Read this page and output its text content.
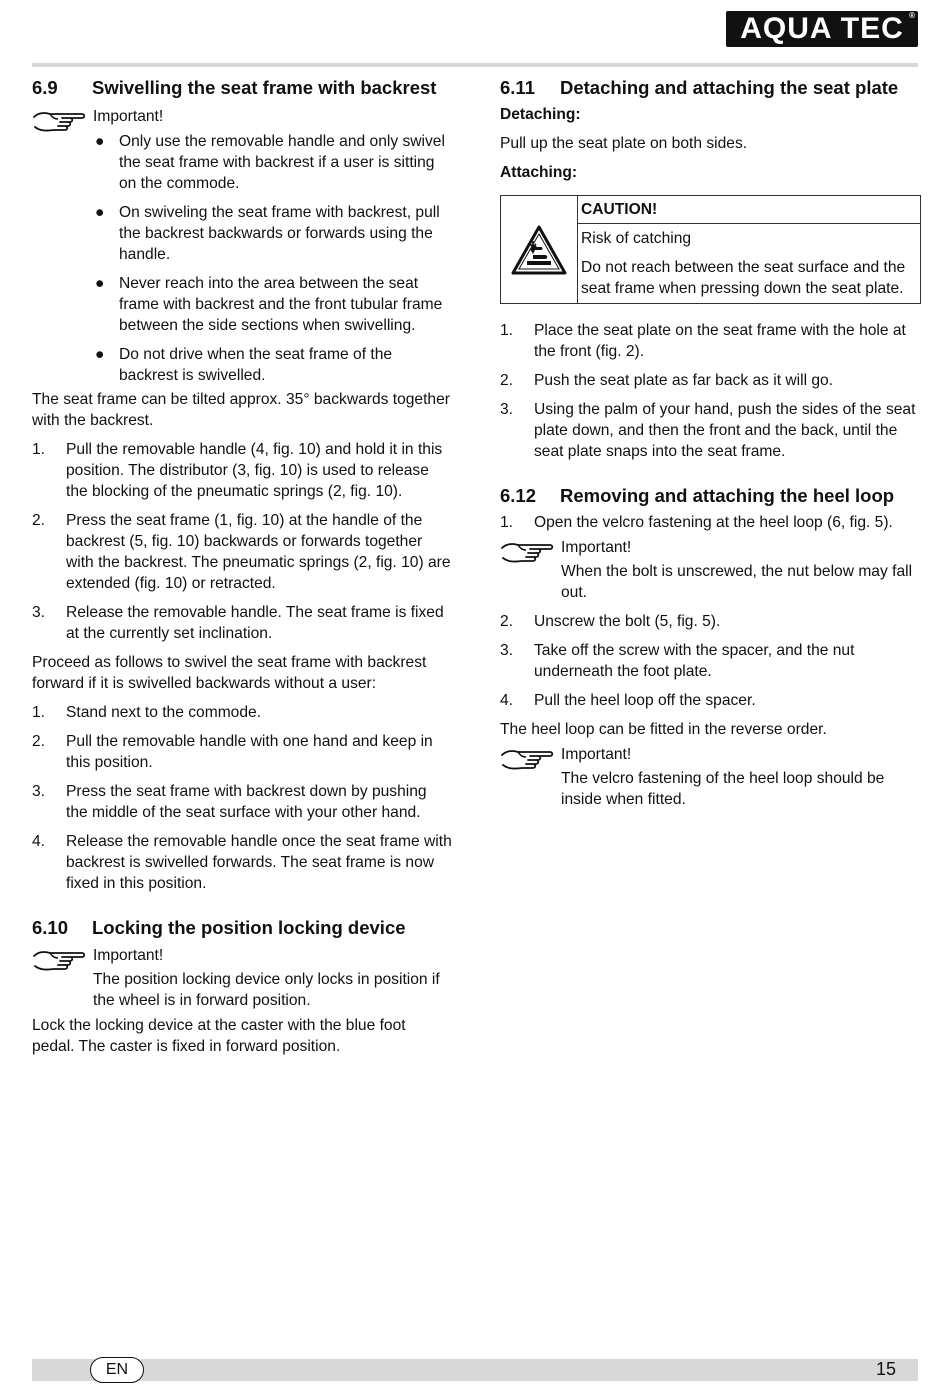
AQUA TEC ®
6.9	Swivelling the seat frame with backrest
Important!
● Only use the removable handle and only swivel the seat frame with backrest if a user is sitting on the commode.
● On swiveling the seat frame with backrest, pull the backrest backwards or forwards using the handle.
● Never reach into the area between the seat frame with backrest and the front tubular frame between the side sections when swivelling.
● Do not drive when the seat frame of the backrest is swivelled.

The seat frame can be tilted approx. 35° backwards together with the backrest.

1.	Pull the removable handle (4, fig. 10) and hold it in this position. The distributor (3, fig. 10) is used to release the blocking of the pneumatic springs (2, fig. 10).
2.	Press the seat frame (1, fig. 10) at the handle of the backrest (5, fig. 10) backwards or forwards together with the backrest. The pneumatic springs (2, fig. 10) are extended (fig. 10) or retracted.
3.	Release the removable handle. The seat frame is fixed at the currently set inclination.

Proceed as follows to swivel the seat frame with backrest forward if it is swivelled backwards without a user:

1.	Stand next to the commode.
2.	Pull the removable handle with one hand and keep in this position.
3.	Press the seat frame with backrest down by pushing the middle of the seat surface with your other hand.
4.	Release the removable handle once the seat frame with backrest is swivelled forwards. The seat frame is now fixed in this position.
6.10	Locking the position locking device
Important!

The position locking device only locks in position if the wheel is in forward position.

Lock the locking device at the caster with the blue foot pedal. The caster is fixed in forward position.

6.11	Detaching and attaching the seat plate
Detaching:

Pull up the seat plate on both sides.

Attaching:
CAUTION!
Risk of catching
Do not reach between the seat surface and the seat frame when pressing down the seat plate.
1.	Place the seat plate on the seat frame with the hole at the front (fig. 2).
2.	Push the seat plate as far back as it will go.
3.	Using the palm of your hand, push the sides of the seat plate down, and then the front and the back, until the seat plate snaps into the seat frame.
6.12	Removing and attaching the heel loop
1.	Open the velcro fastening at the heel loop (6, fig. 5).
Important!

When the bolt is unscrewed, the nut below may fall out.

2.	Unscrew the bolt (5, fig. 5).
3.	Take off the screw with the spacer, and the nut underneath the foot plate.
4.	Pull the heel loop off the spacer.

The heel loop can be fitted in the reverse order.

Important!

The velcro fastening of the heel loop should be inside when fitted.

EN	15
